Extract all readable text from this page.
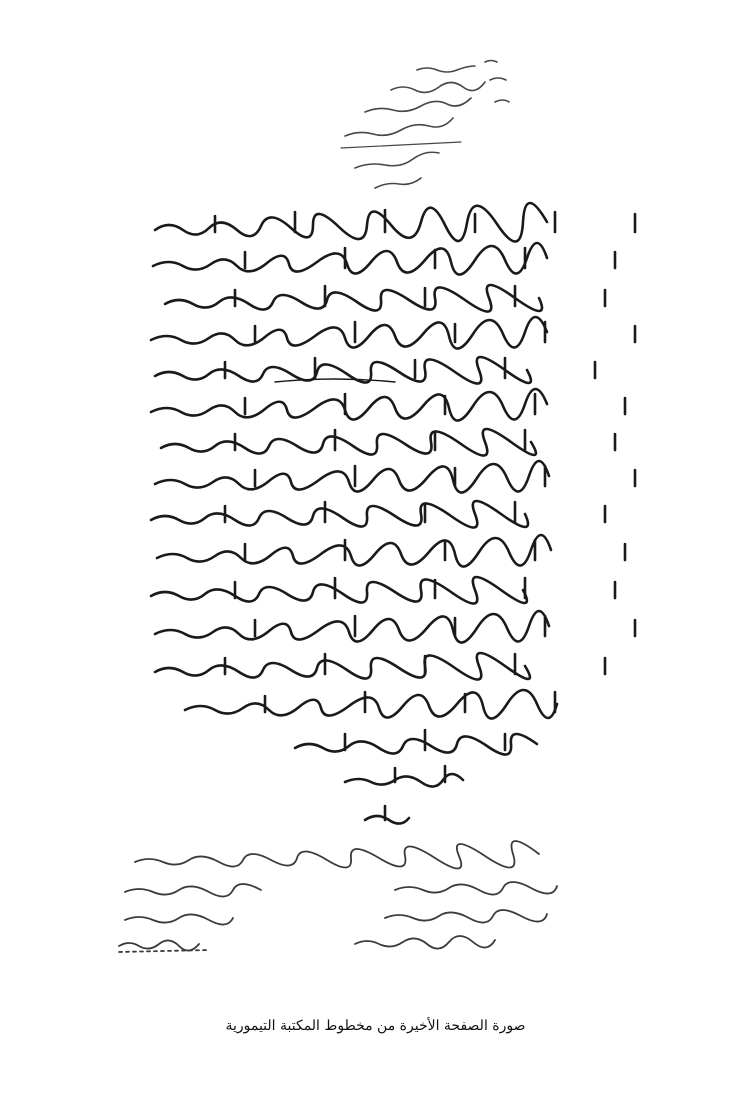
صورة الصفحة الأخيرة من مخطوط المكتبة التيمورية
